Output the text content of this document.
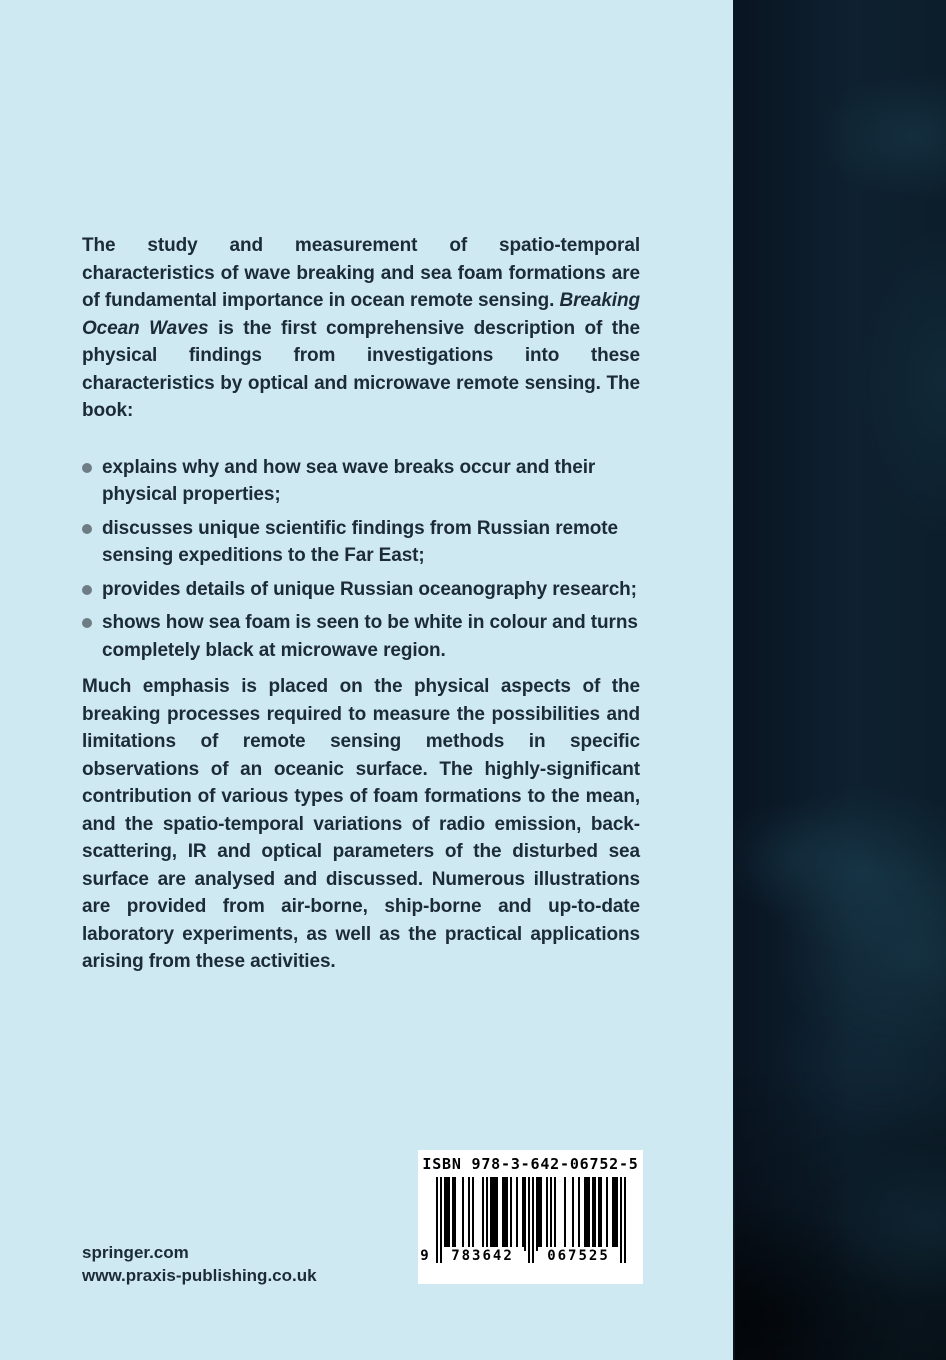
The study and measurement of spatio-temporal characteristics of wave breaking and sea foam formations are of fundamental importance in ocean remote sensing. Breaking Ocean Waves is the first comprehensive description of the physical findings from investigations into these characteristics by optical and microwave remote sensing. The book:

explains why and how sea wave breaks occur and their physical properties;
discusses unique scientific findings from Russian remote sensing expeditions to the Far East;
provides details of unique Russian oceanography research;
shows how sea foam is seen to be white in colour and turns completely black at microwave region.

Much emphasis is placed on the physical aspects of the breaking processes required to measure the possibilities and limitations of remote sensing methods in specific observations of an oceanic surface. The highly-significant contribution of various types of foam formations to the mean, and the spatio-temporal variations of radio emission, back-scattering, IR and optical parameters of the disturbed sea surface are analysed and discussed. Numerous illustrations are provided from air-borne, ship-borne and up-to-date laboratory experiments, as well as the practical applications arising from these activities.

ISBN 978-3-642-06752-5
9	783642	067525
springer.com
www.praxis-publishing.co.uk
